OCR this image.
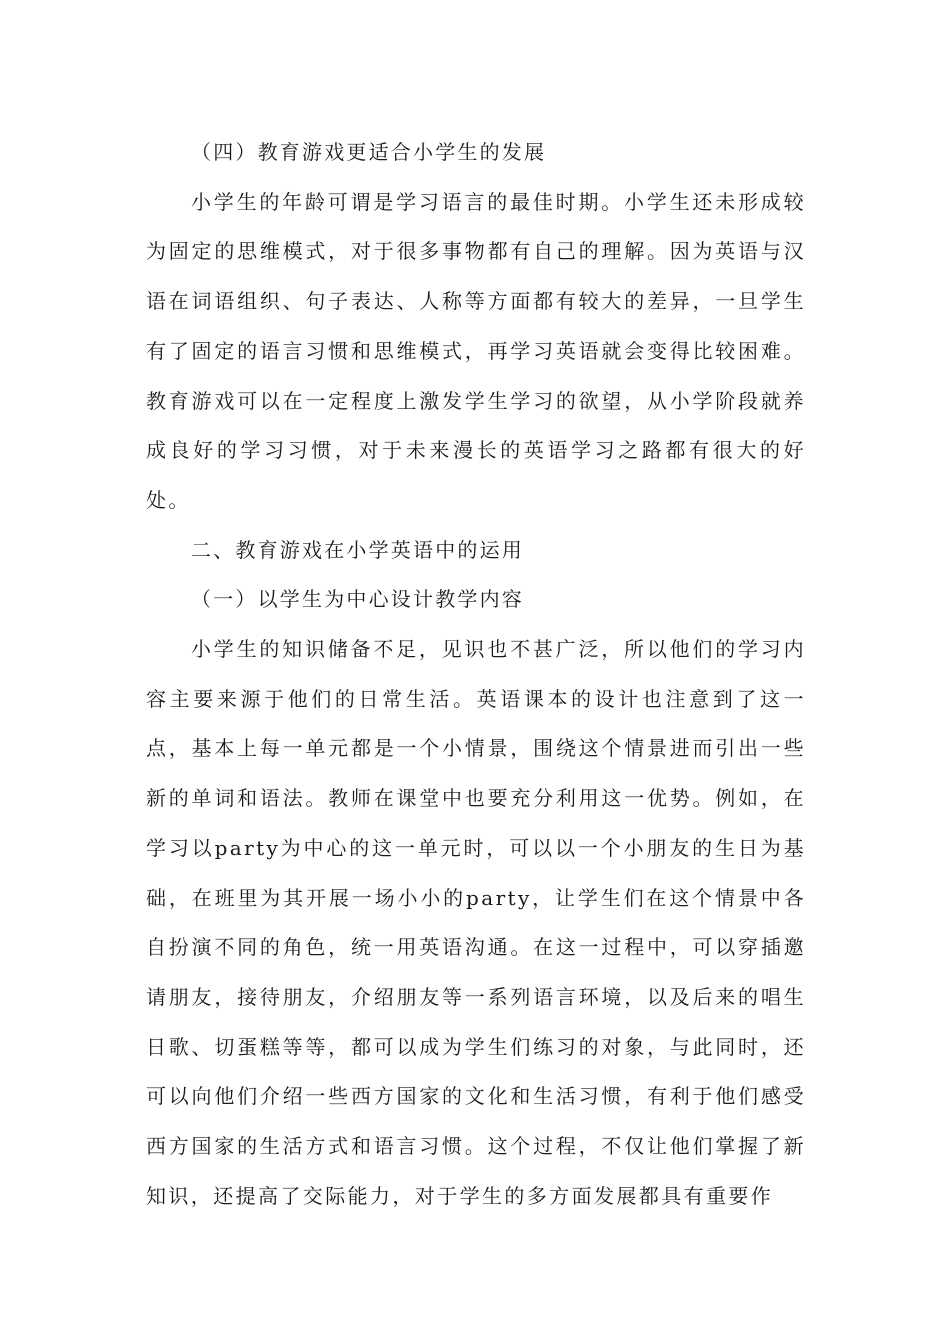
（四）教育游戏更适合小学生的发展

小学生的年龄可谓是学习语言的最佳时期。小学生还未形成较为固定的思维模式，对于很多事物都有自己的理解。因为英语与汉语在词语组织、句子表达、人称等方面都有较大的差异，一旦学生有了固定的语言习惯和思维模式，再学习英语就会变得比较困难。教育游戏可以在一定程度上激发学生学习的欲望，从小学阶段就养成良好的学习习惯，对于未来漫长的英语学习之路都有很大的好处。

二、教育游戏在小学英语中的运用

（一）以学生为中心设计教学内容

小学生的知识储备不足，见识也不甚广泛，所以他们的学习内容主要来源于他们的日常生活。英语课本的设计也注意到了这一点，基本上每一单元都是一个小情景，围绕这个情景进而引出一些新的单词和语法。教师在课堂中也要充分利用这一优势。例如，在学习以party为中心的这一单元时，可以以一个小朋友的生日为基础，在班里为其开展一场小小的party，让学生们在这个情景中各自扮演不同的角色，统一用英语沟通。在这一过程中，可以穿插邀请朋友，接待朋友，介绍朋友等一系列语言环境，以及后来的唱生日歌、切蛋糕等等，都可以成为学生们练习的对象，与此同时，还可以向他们介绍一些西方国家的文化和生活习惯，有利于他们感受西方国家的生活方式和语言习惯。这个过程，不仅让他们掌握了新知识，还提高了交际能力，对于学生的多方面发展都具有重要作
